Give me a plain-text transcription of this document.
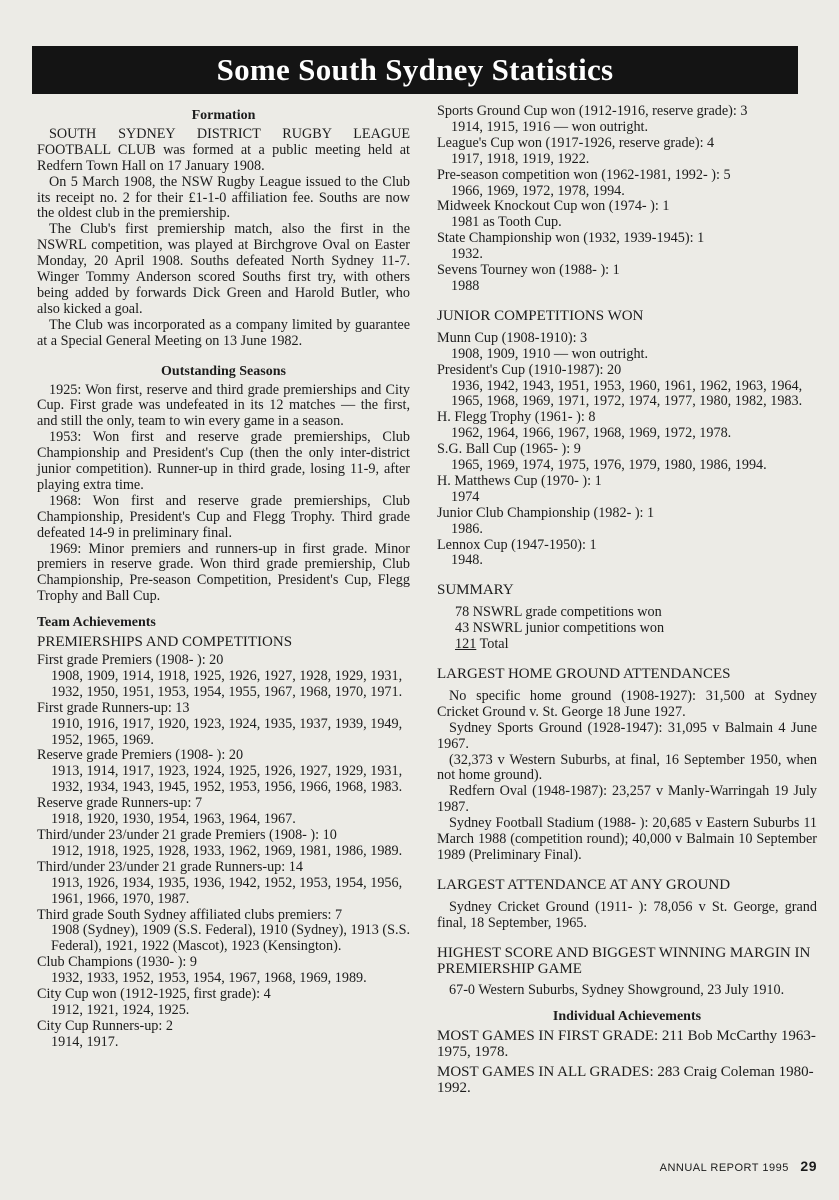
Some South Sydney Statistics
Formation

SOUTH SYDNEY DISTRICT RUGBY LEAGUE FOOTBALL CLUB was formed at a public meeting held at Redfern Town Hall on 17 January 1908.

On 5 March 1908, the NSW Rugby League issued to the Club its receipt no. 2 for their £1-1-0 affiliation fee. Souths are now the oldest club in the premiership.

The Club's first premiership match, also the first in the NSWRL competition, was played at Birchgrove Oval on Easter Monday, 20 April 1908. Souths defeated North Sydney 11-7. Winger Tommy Anderson scored Souths first try, with others being added by forwards Dick Green and Harold Butler, who also kicked a goal.

The Club was incorporated as a company limited by guarantee at a Special General Meeting on 13 June 1982.

Outstanding Seasons

1925: Won first, reserve and third grade premierships and City Cup. First grade was undefeated in its 12 matches — the first, and still the only, team to win every game in a season.

1953: Won first and reserve grade premierships, Club Championship and President's Cup (then the only inter-district junior competition). Runner-up in third grade, losing 11-9, after playing extra time.

1968: Won first and reserve grade premierships, Club Championship, President's Cup and Flegg Trophy. Third grade defeated 14-9 in preliminary final.

1969: Minor premiers and runners-up in first grade. Minor premiers in reserve grade. Won third grade premiership, Club Championship, Pre-season Competition, President's Cup, Flegg Trophy and Ball Cup.

Team Achievements
PREMIERSHIPS AND COMPETITIONS
First grade Premiers (1908- ): 20
1908, 1909, 1914, 1918, 1925, 1926, 1927, 1928, 1929, 1931, 1932, 1950, 1951, 1953, 1954, 1955, 1967, 1968, 1970, 1971.
First grade Runners-up: 13
1910, 1916, 1917, 1920, 1923, 1924, 1935, 1937, 1939, 1949, 1952, 1965, 1969.
Reserve grade Premiers (1908- ): 20
1913, 1914, 1917, 1923, 1924, 1925, 1926, 1927, 1929, 1931, 1932, 1934, 1943, 1945, 1952, 1953, 1956, 1966, 1968, 1983.
Reserve grade Runners-up: 7
1918, 1920, 1930, 1954, 1963, 1964, 1967.
Third/under 23/under 21 grade Premiers (1908- ): 10
1912, 1918, 1925, 1928, 1933, 1962, 1969, 1981, 1986, 1989.
Third/under 23/under 21 grade Runners-up: 14
1913, 1926, 1934, 1935, 1936, 1942, 1952, 1953, 1954, 1956, 1961, 1966, 1970, 1987.
Third grade South Sydney affiliated clubs premiers: 7
1908 (Sydney), 1909 (S.S. Federal), 1910 (Sydney), 1913 (S.S. Federal), 1921, 1922 (Mascot), 1923 (Kensington).
Club Champions (1930- ): 9
1932, 1933, 1952, 1953, 1954, 1967, 1968, 1969, 1989.
City Cup won (1912-1925, first grade): 4
1912, 1921, 1924, 1925.
City Cup Runners-up: 2
1914, 1917.
Sports Ground Cup won (1912-1916, reserve grade): 3
1914, 1915, 1916 — won outright.
League's Cup won (1917-1926, reserve grade): 4
1917, 1918, 1919, 1922.
Pre-season competition won (1962-1981, 1992- ): 5
1966, 1969, 1972, 1978, 1994.
Midweek Knockout Cup won (1974- ): 1
1981 as Tooth Cup.
State Championship won (1932, 1939-1945): 1
1932.
Sevens Tourney won (1988- ): 1
1988
JUNIOR COMPETITIONS WON
Munn Cup (1908-1910): 3
1908, 1909, 1910 — won outright.
President's Cup (1910-1987): 20
1936, 1942, 1943, 1951, 1953, 1960, 1961, 1962, 1963, 1964, 1965, 1968, 1969, 1971, 1972, 1974, 1977, 1980, 1982, 1983.
H. Flegg Trophy (1961- ): 8
1962, 1964, 1966, 1967, 1968, 1969, 1972, 1978.
S.G. Ball Cup (1965- ): 9
1965, 1969, 1974, 1975, 1976, 1979, 1980, 1986, 1994.
H. Matthews Cup (1970- ): 1
1974
Junior Club Championship (1982- ): 1
1986.
Lennox Cup (1947-1950): 1
1948.
SUMMARY
78 NSWRL grade competitions won
43 NSWRL junior competitions won
121 Total
LARGEST HOME GROUND ATTENDANCES

No specific home ground (1908-1927): 31,500 at Sydney Cricket Ground v. St. George 18 June 1927.

Sydney Sports Ground (1928-1947): 31,095 v Balmain 4 June 1967.

(32,373 v Western Suburbs, at final, 16 September 1950, when not home ground).

Redfern Oval (1948-1987): 23,257 v Manly-Warringah 19 July 1987.

Sydney Football Stadium (1988- ): 20,685 v Eastern Suburbs 11 March 1988 (competition round); 40,000 v Balmain 10 September 1989 (Preliminary Final).

LARGEST ATTENDANCE AT ANY GROUND

Sydney Cricket Ground (1911- ): 78,056 v St. George, grand final, 18 September, 1965.

HIGHEST SCORE AND BIGGEST WINNING MARGIN IN PREMIERSHIP GAME

67-0 Western Suburbs, Sydney Showground, 23 July 1910.

Individual Achievements
MOST GAMES IN FIRST GRADE: 211 Bob McCarthy 1963-1975, 1978.
MOST GAMES IN ALL GRADES: 283 Craig Coleman 1980-1992.
ANNUAL REPORT 1995 29
